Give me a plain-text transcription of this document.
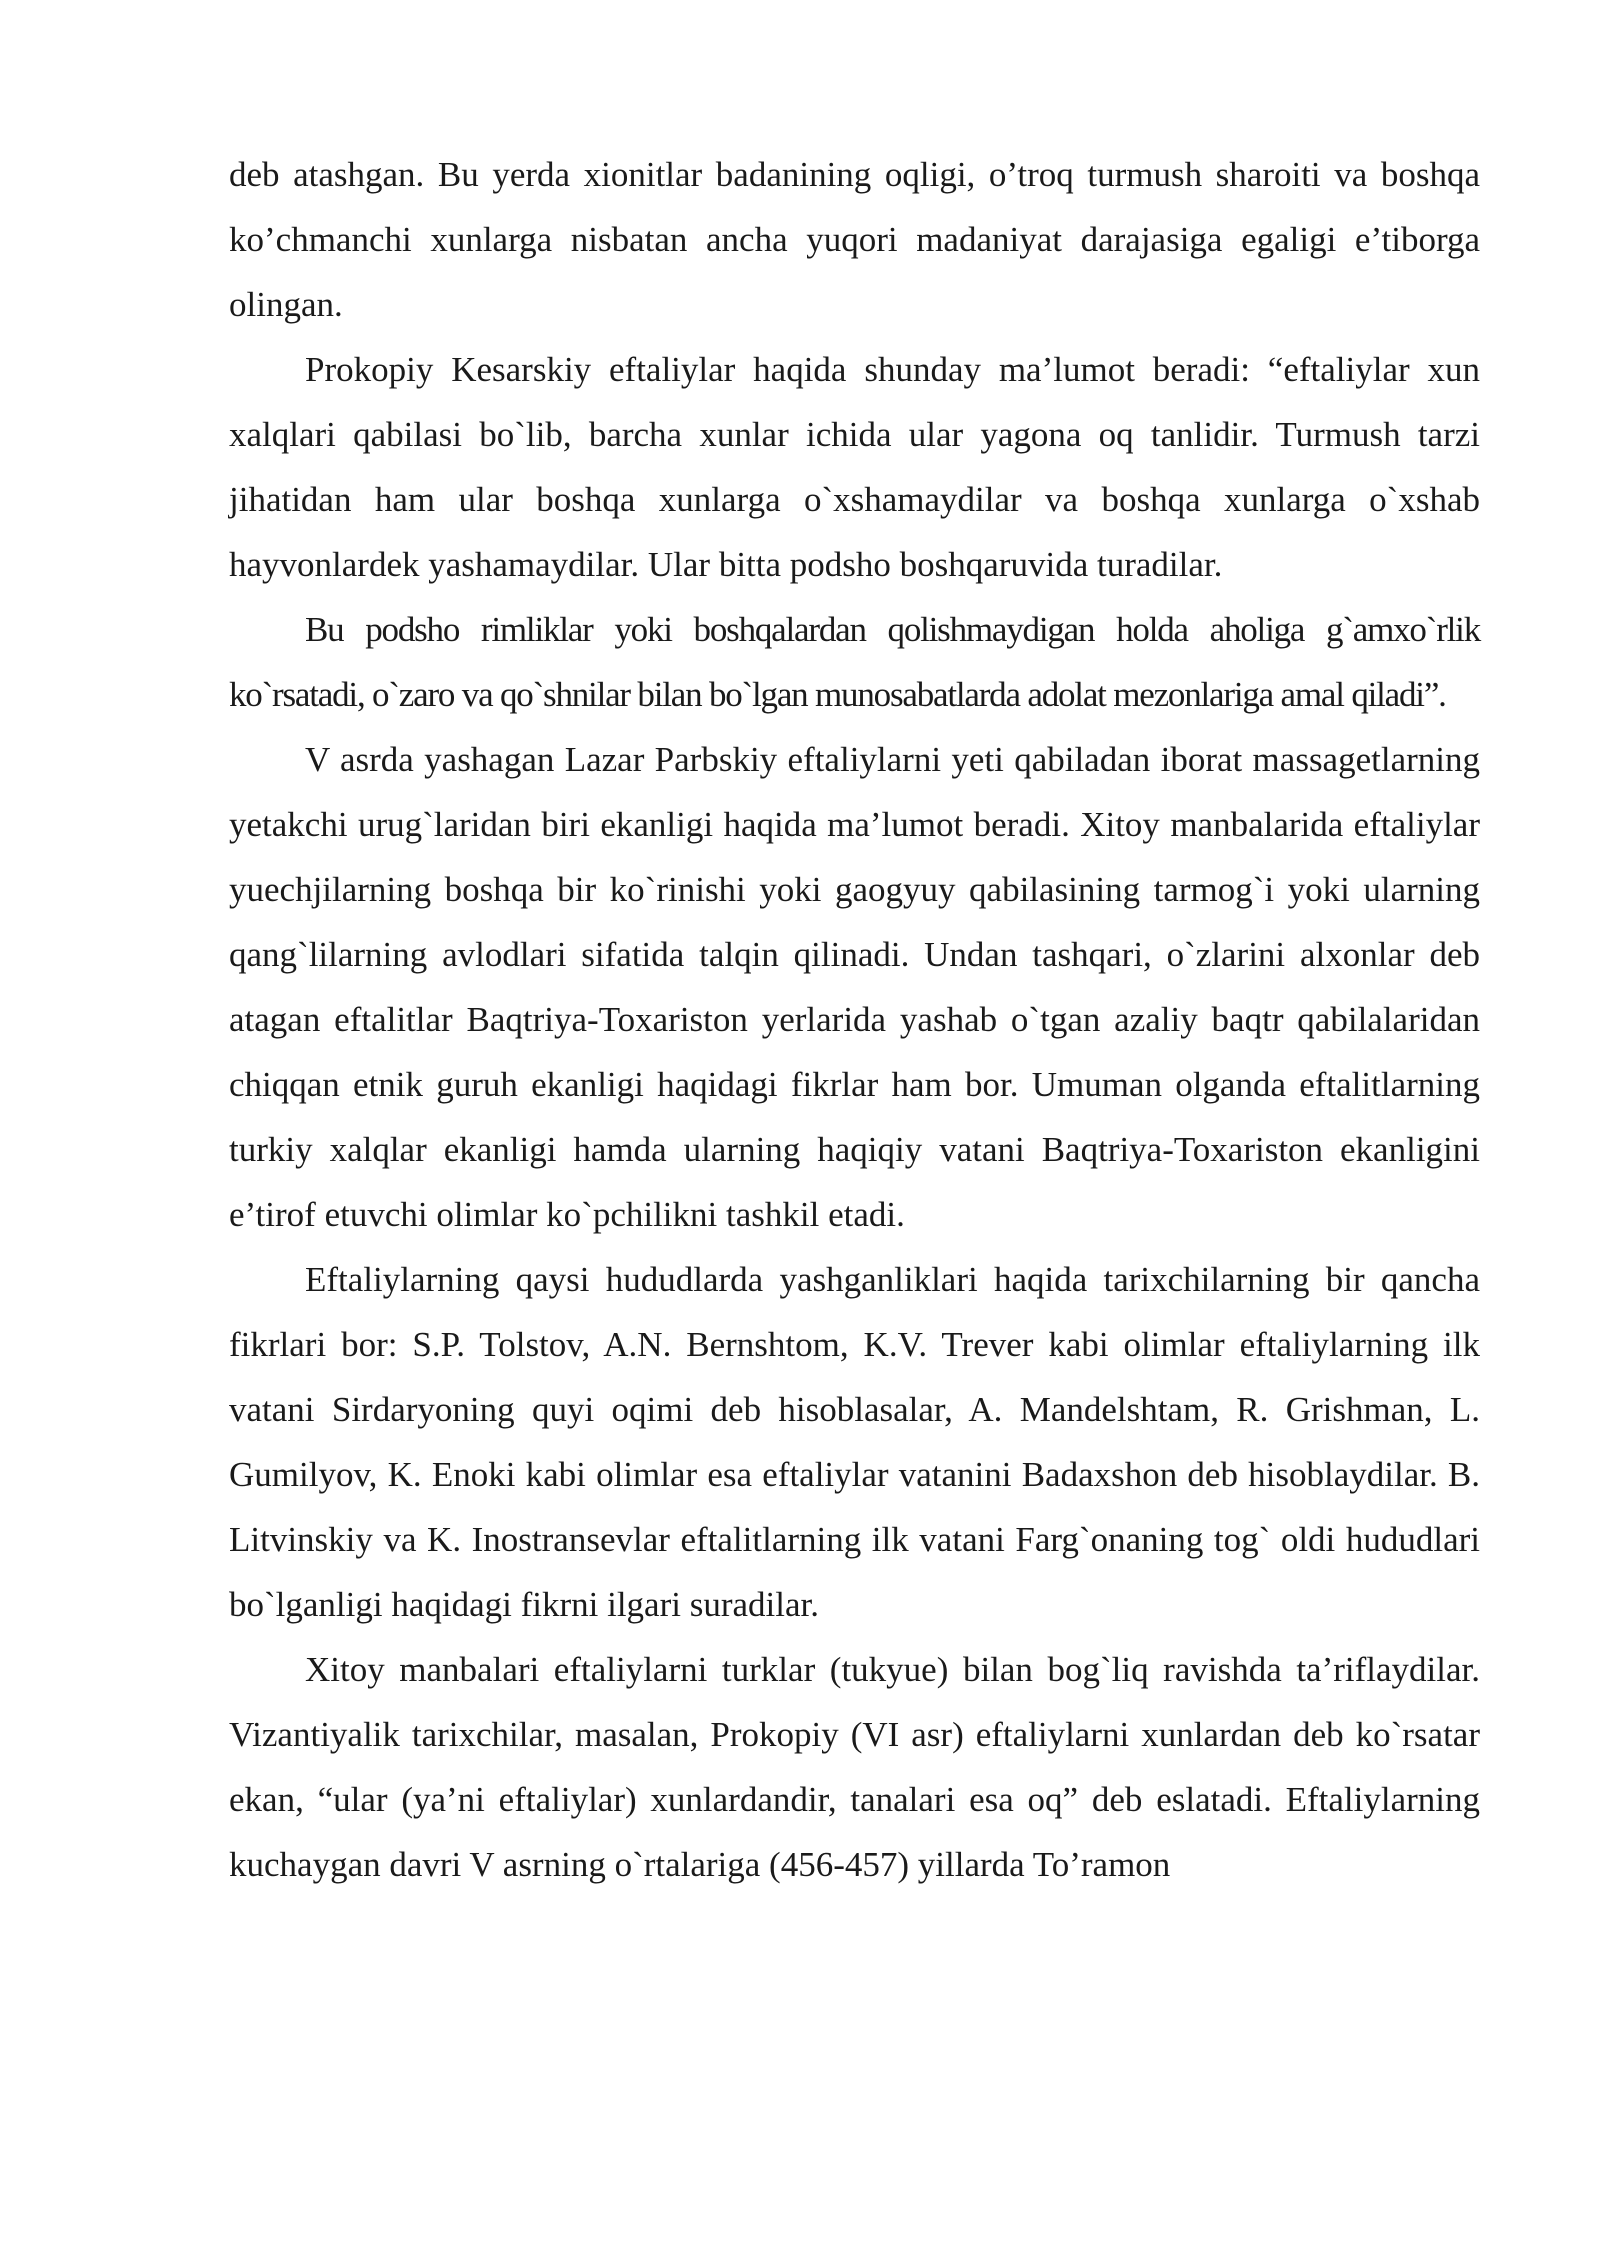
deb atashgan. Bu yerda xionitlar badanining oqligi, o’troq turmush sharoiti va boshqa ko’chmanchi xunlarga nisbatan ancha yuqori madaniyat darajasiga egaligi e’tiborga olingan.

Prokopiy Kesarskiy eftaliylar haqida shunday ma’lumot beradi: “eftaliylar xun xalqlari qabilasi bo`lib, barcha xunlar ichida ular yagona oq tanlidir. Turmush tarzi jihatidan ham ular boshqa xunlarga o`xshamaydilar va boshqa xunlarga o`xshab hayvonlardek yashamaydilar. Ular bitta podsho boshqaruvida turadilar.

Bu podsho rimliklar yoki boshqalardan qolishmaydigan holda aholiga g`amxo`rlik ko`rsatadi, o`zaro va qo`shnilar bilan bo`lgan munosabatlarda adolat mezonlariga amal qiladi”.

V asrda yashagan Lazar Parbskiy eftaliylarni yeti qabiladan iborat massagetlarning yetakchi urug`laridan biri ekanligi haqida ma’lumot beradi. Xitoy manbalarida eftaliylar yuechjilarning boshqa bir ko`rinishi yoki gaogyuy qabilasining tarmog`i yoki ularning qang`lilarning avlodlari sifatida talqin qilinadi. Undan tashqari, o`zlarini alxonlar deb atagan eftalitlar Baqtriya-Toxariston yerlarida yashab o`tgan azaliy baqtr qabilalaridan chiqqan etnik guruh ekanligi haqidagi fikrlar ham bor. Umuman olganda eftalitlarning turkiy xalqlar ekanligi hamda ularning haqiqiy vatani Baqtriya-Toxariston ekanligini e’tirof etuvchi olimlar ko`pchilikni tashkil etadi.

Eftaliylarning qaysi hududlarda yashganliklari haqida tarixchilarning bir qancha fikrlari bor: S.P. Tolstov, A.N. Bernshtom, K.V. Trever kabi olimlar eftaliylarning ilk vatani Sirdaryoning quyi oqimi deb hisoblasalar, A. Mandelshtam, R. Grishman, L. Gumilyov, K. Enoki kabi olimlar esa eftaliylar vatanini Badaxshon deb hisoblaydilar. B. Litvinskiy va K. Inostransevlar eftalitlarning ilk vatani Farg`onaning tog` oldi hududlari bo`lganligi haqidagi fikrni ilgari suradilar.

Xitoy manbalari eftaliylarni turklar (tukyue) bilan bog`liq ravishda ta’riflaydilar. Vizantiyalik tarixchilar, masalan, Prokopiy (VI asr) eftaliylarni xunlardan deb ko`rsatar ekan, “ular (ya’ni eftaliylar) xunlardandir, tanalari esa oq” deb eslatadi. Eftaliylarning kuchaygan davri V asrning o`rtalariga (456-457) yillarda To’ramon
